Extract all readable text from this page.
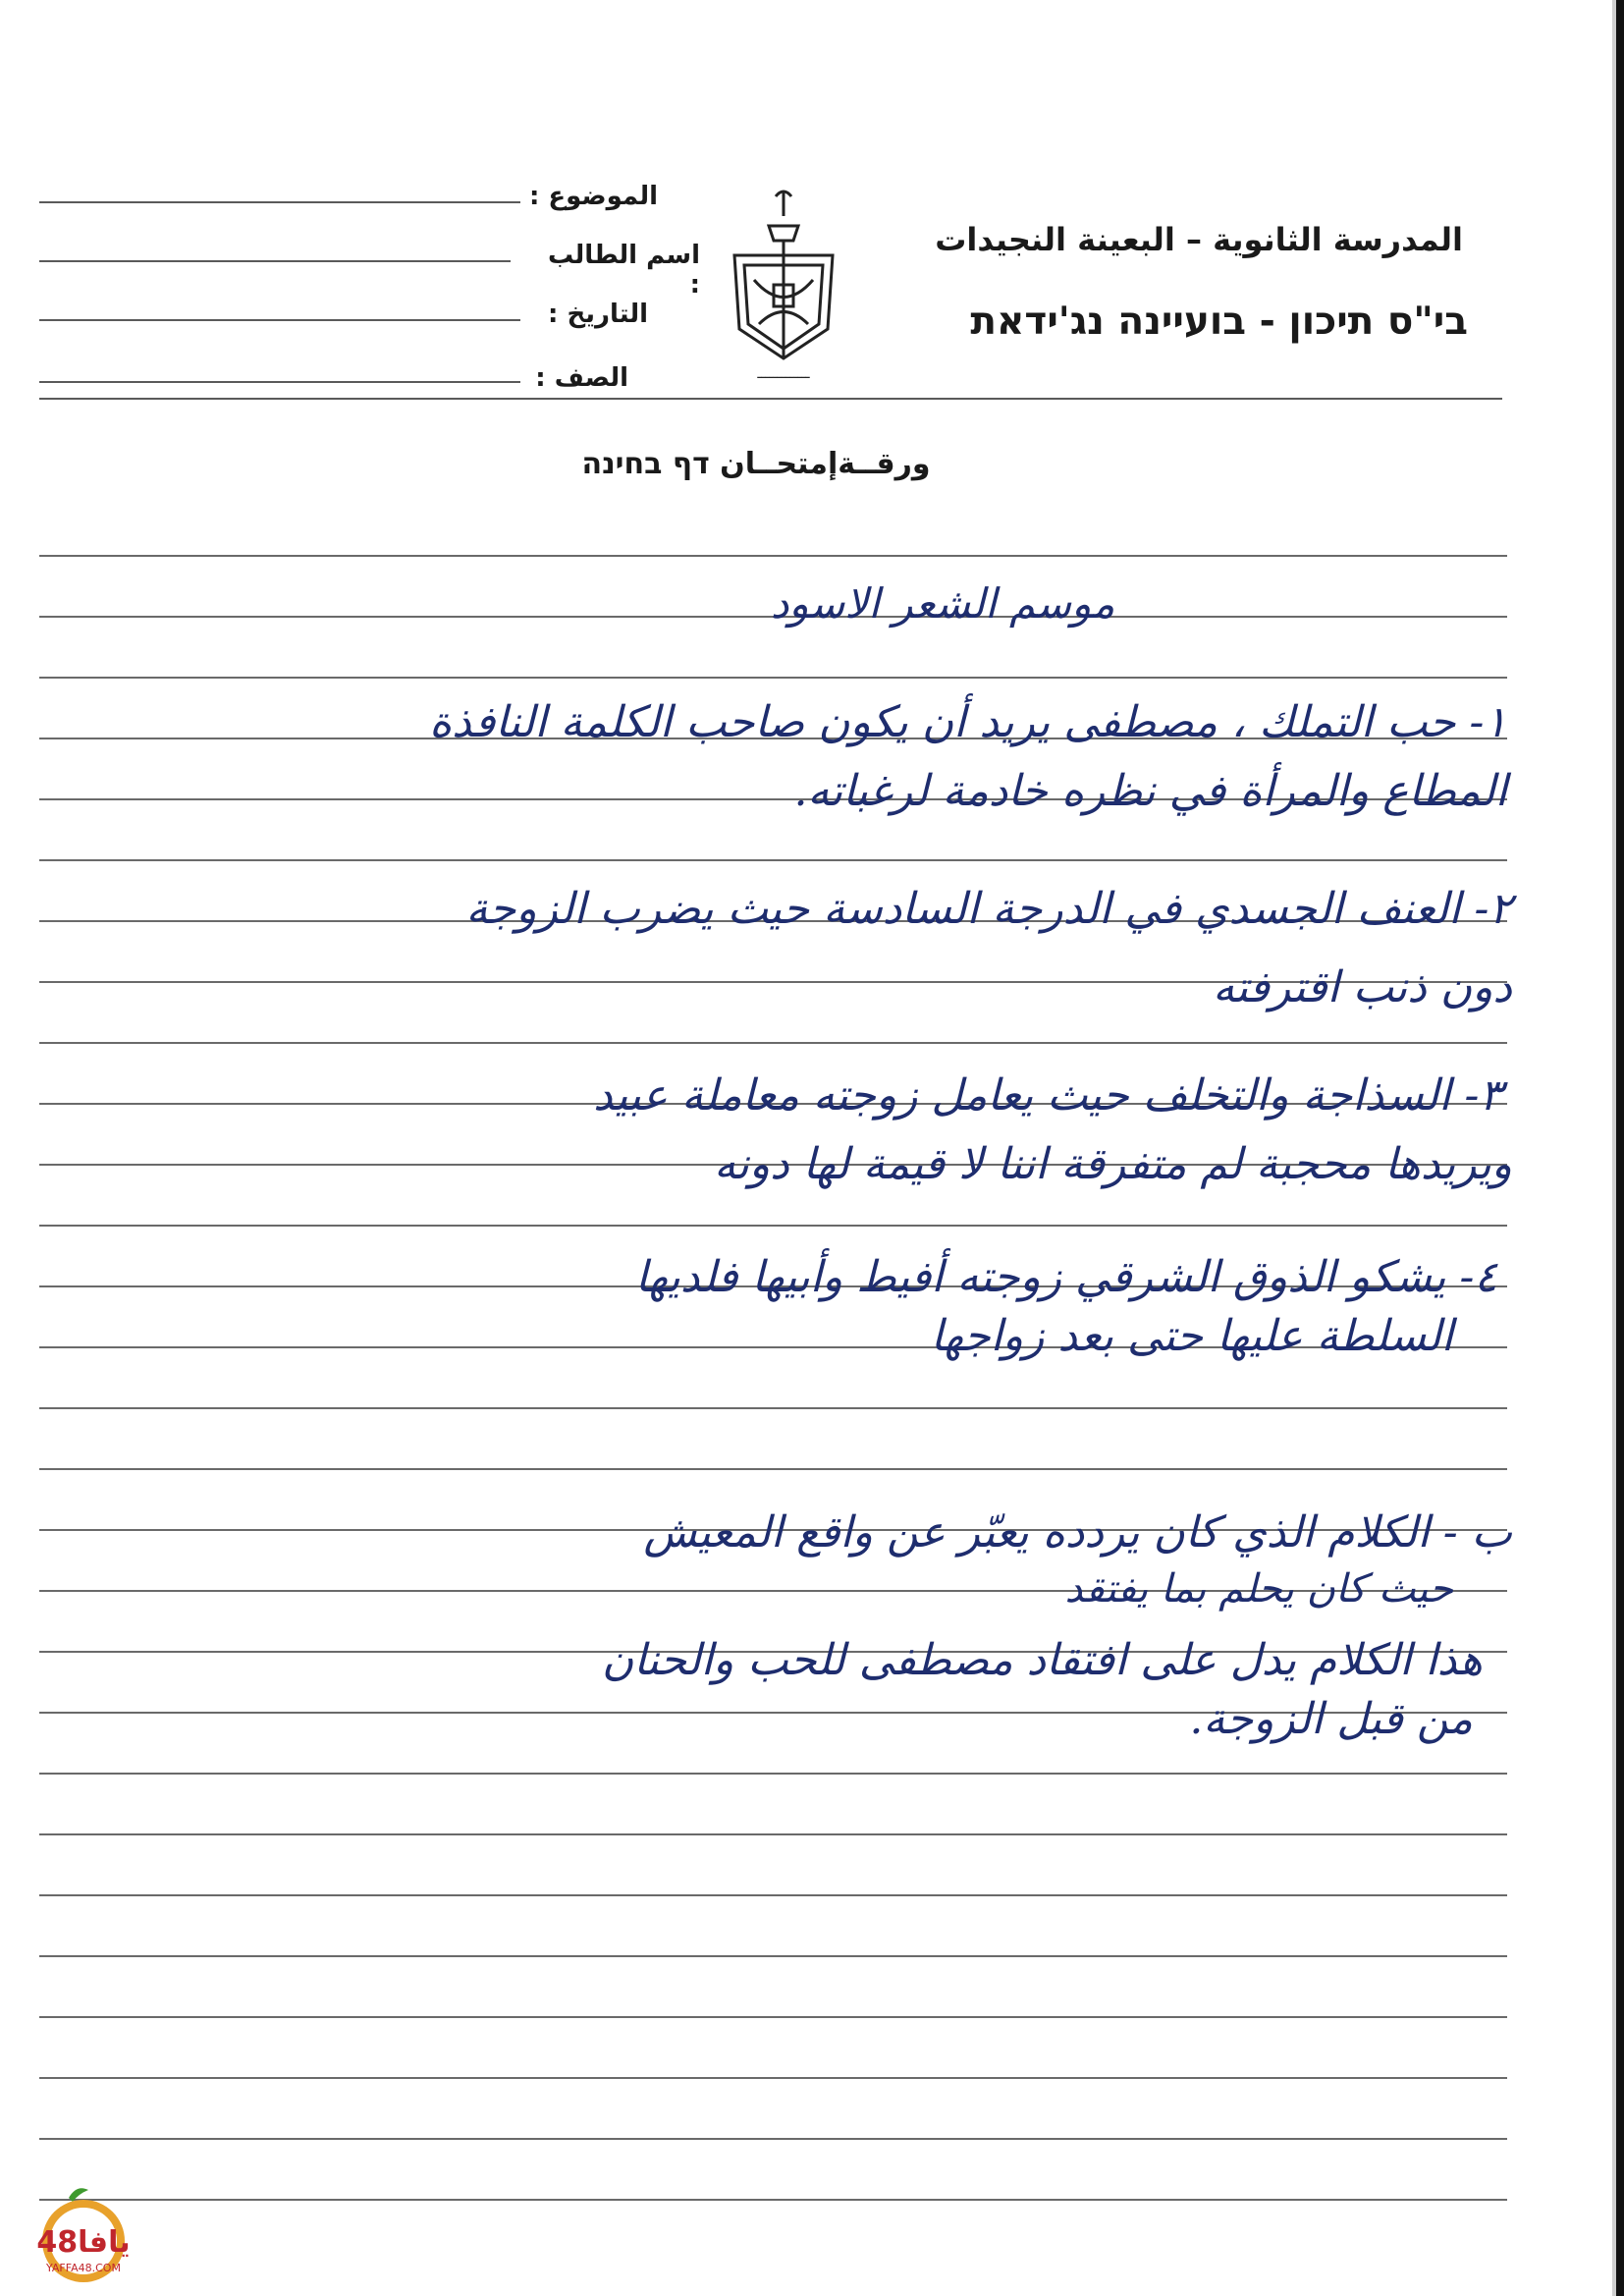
المدرسة الثانوية – البعينة النجيدات
בי"ס תיכון - בועיינה נג'ידאת
ـــــــــــــ
الموضوع :
اسم الطالب :
التاريخ :
الصف :
ورقــةإمتحــان דף בחינה
موسم الشعر الاسود
١- حب التملك ، مصطفى يريد أن يكون صاحب الكلمة النافذة
المطاع والمرأة في نظره خادمة لرغباته.
٢- العنف الجسدي في الدرجة السادسة حيث يضرب الزوجة
دون ذنب اقترفته
٣- السذاجة والتخلف حيث يعامل زوجته معاملة عبيد
ويريدها محجبة لم متفرقة اننا لا قيمة لها دونه
٤- يشكو الذوق الشرقي زوجته أفيط وأبيها فلديها
السلطة عليها حتى بعد زواجها
ب - الكلام الذي كان يردده يعبّر عن واقع المعيش
حيث كان يحلم بما يفتقد
هذا الكلام يدل على افتقاد مصطفى للحب والحنان
من قبل الزوجة.
يافا48
YAFFA48.COM
